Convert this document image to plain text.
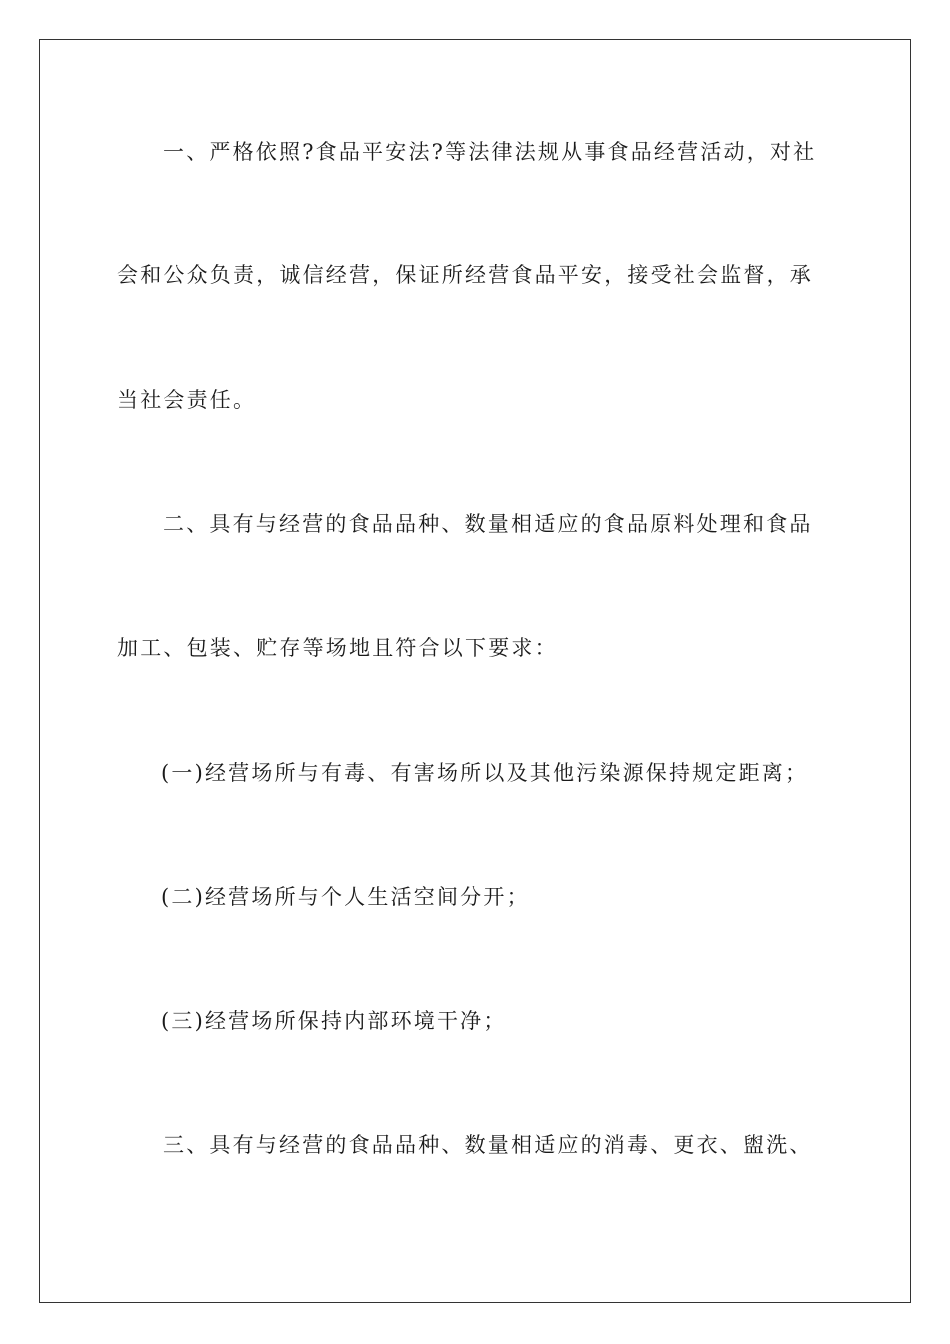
一、严格依照?食品平安法?等法律法规从事食品经营活动，对社
会和公众负责，诚信经营，保证所经营食品平安，接受社会监督，承
当社会责任。
二、具有与经营的食品品种、数量相适应的食品原料处理和食品
加工、包装、贮存等场地且符合以下要求：
(一)经营场所与有毒、有害场所以及其他污染源保持规定距离；
(二)经营场所与个人生活空间分开；
(三)经营场所保持内部环境干净；
三、具有与经营的食品品种、数量相适应的消毒、更衣、盥洗、
